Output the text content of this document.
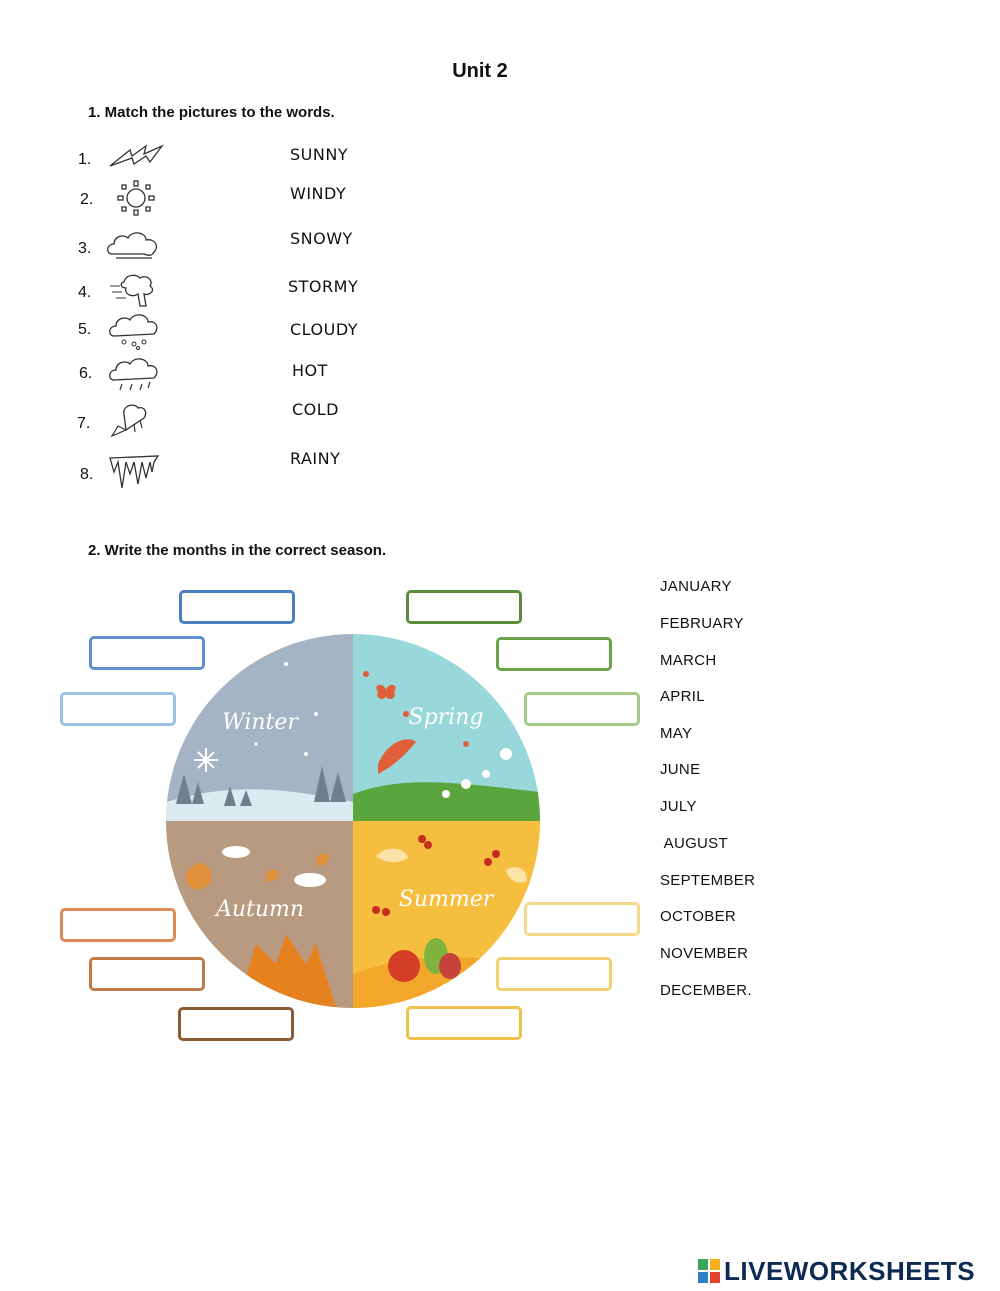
Unit 2
1. Match the pictures to the words.
1.
2.
3.
4.
5.
6.
7.
8.
SUNNY
WINDY
SNOWY
STORMY
CLOUDY
HOT
COLD
RAINY
2. Write the months in the correct season.
Winter	Spring
Autumn	Summer
JANUARY
FEBRUARY
MARCH
APRIL
MAY
JUNE
JULY
AUGUST
SEPTEMBER
OCTOBER
NOVEMBER
DECEMBER.
LIVEWORKSHEETS
